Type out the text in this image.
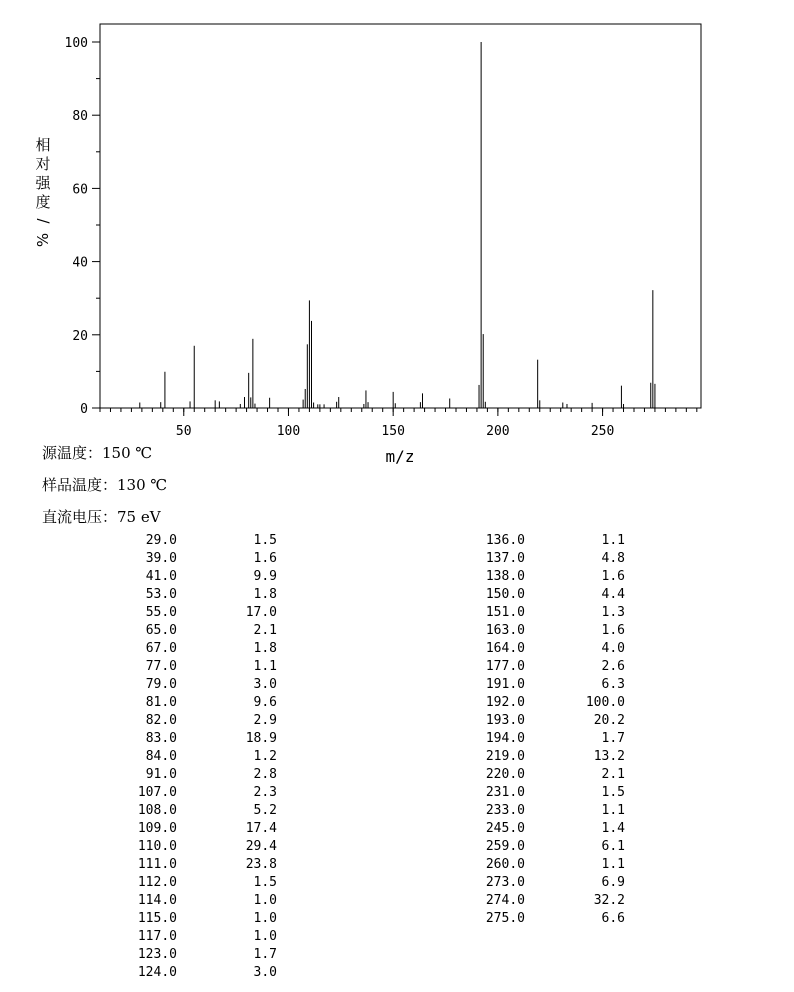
50	100	150	200	250
0
20
40
60
80
100
相
对
强
度
/
%
m/z
源温度：150 ℃
样品温度：130 ℃
直流电压：75 eV
29.0	1.5
39.0	1.6
41.0	9.9
53.0	1.8
55.0	17.0
65.0	2.1
67.0	1.8
77.0	1.1
79.0	3.0
81.0	9.6
82.0	2.9
83.0	18.9
84.0	1.2
91.0	2.8
107.0	2.3
108.0	5.2
109.0	17.4
110.0	29.4
111.0	23.8
112.0	1.5
114.0	1.0
115.0	1.0
117.0	1.0
123.0	1.7
124.0	3.0
136.0	1.1
137.0	4.8
138.0	1.6
150.0	4.4
151.0	1.3
163.0	1.6
164.0	4.0
177.0	2.6
191.0	6.3
192.0	100.0
193.0	20.2
194.0	1.7
219.0	13.2
220.0	2.1
231.0	1.5
233.0	1.1
245.0	1.4
259.0	6.1
260.0	1.1
273.0	6.9
274.0	32.2
275.0	6.6
